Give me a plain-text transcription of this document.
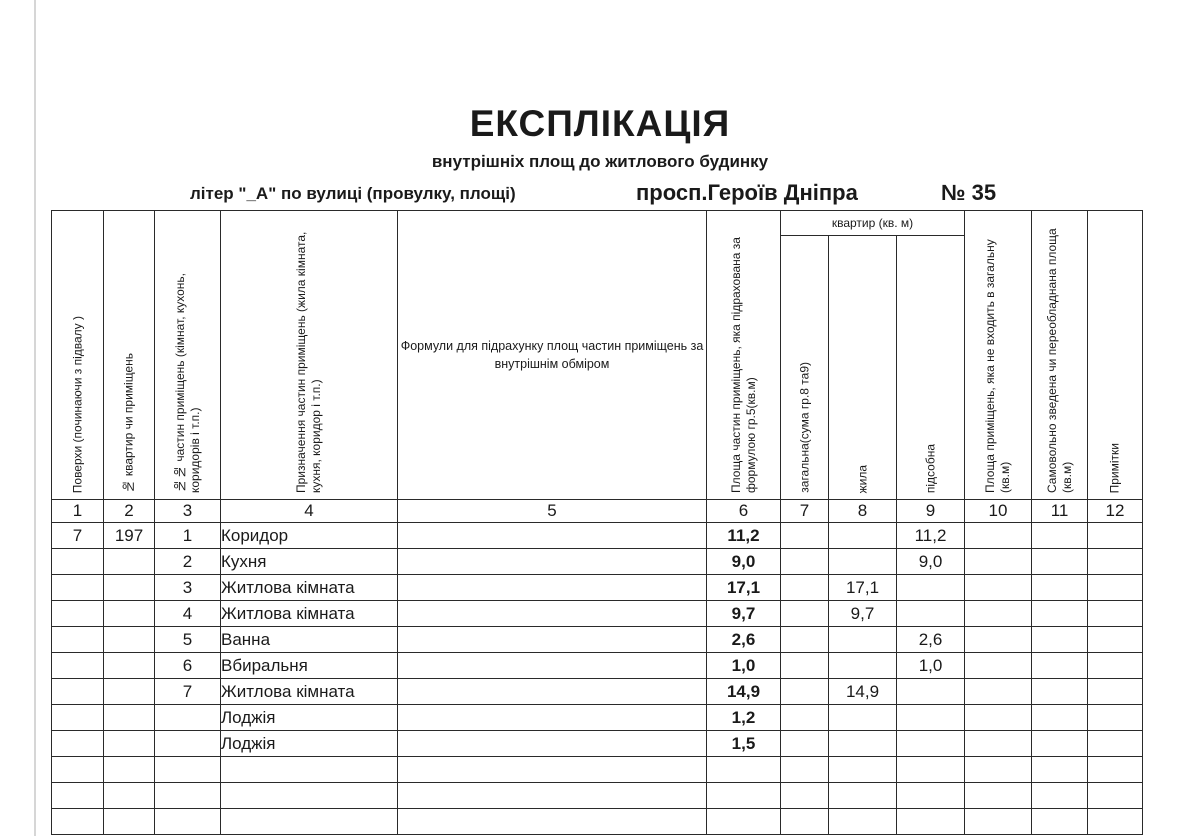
ЕКСПЛІКАЦІЯ
внутрішніх площ до житлового будинку
літер "_А" по вулиці (провулку, площі)	просп.Героїв Дніпра	№ 35
Поверхи (починаючи з підвалу )	№ квартир чи приміщень	№№ частин приміщень (кімнат, кухонь, коридорів і т.п.)	Призначення частин приміщень (жила кімната, кухня, коридор і т.п.)	Формули для підрахунку площ частин приміщень за внутрішнім обміром	Площа частин приміщень, яка підрахована за формулою гр.5(кв.м)	квартир (кв. м)			Площа приміщень, яка не входить в загальну (кв.м)	Самовольно зведена чи переобладнана площа (кв.м)	Примітки

						загальна(сума гр.8 та9)	жила	підсобна			

1	2	3	4	5	6	7	8	9	10	11	12
7	197	1	Коридор		11,2			11,2			
		2	Кухня		9,0			9,0			
		3	Житлова кімната		17,1		17,1				
		4	Житлова кімната		9,7		9,7				
		5	Ванна		2,6			2,6			
		6	Вбиральня		1,0			1,0			
		7	Житлова кімната		14,9		14,9				
			Лоджія		1,2						
			Лоджія		1,5						
